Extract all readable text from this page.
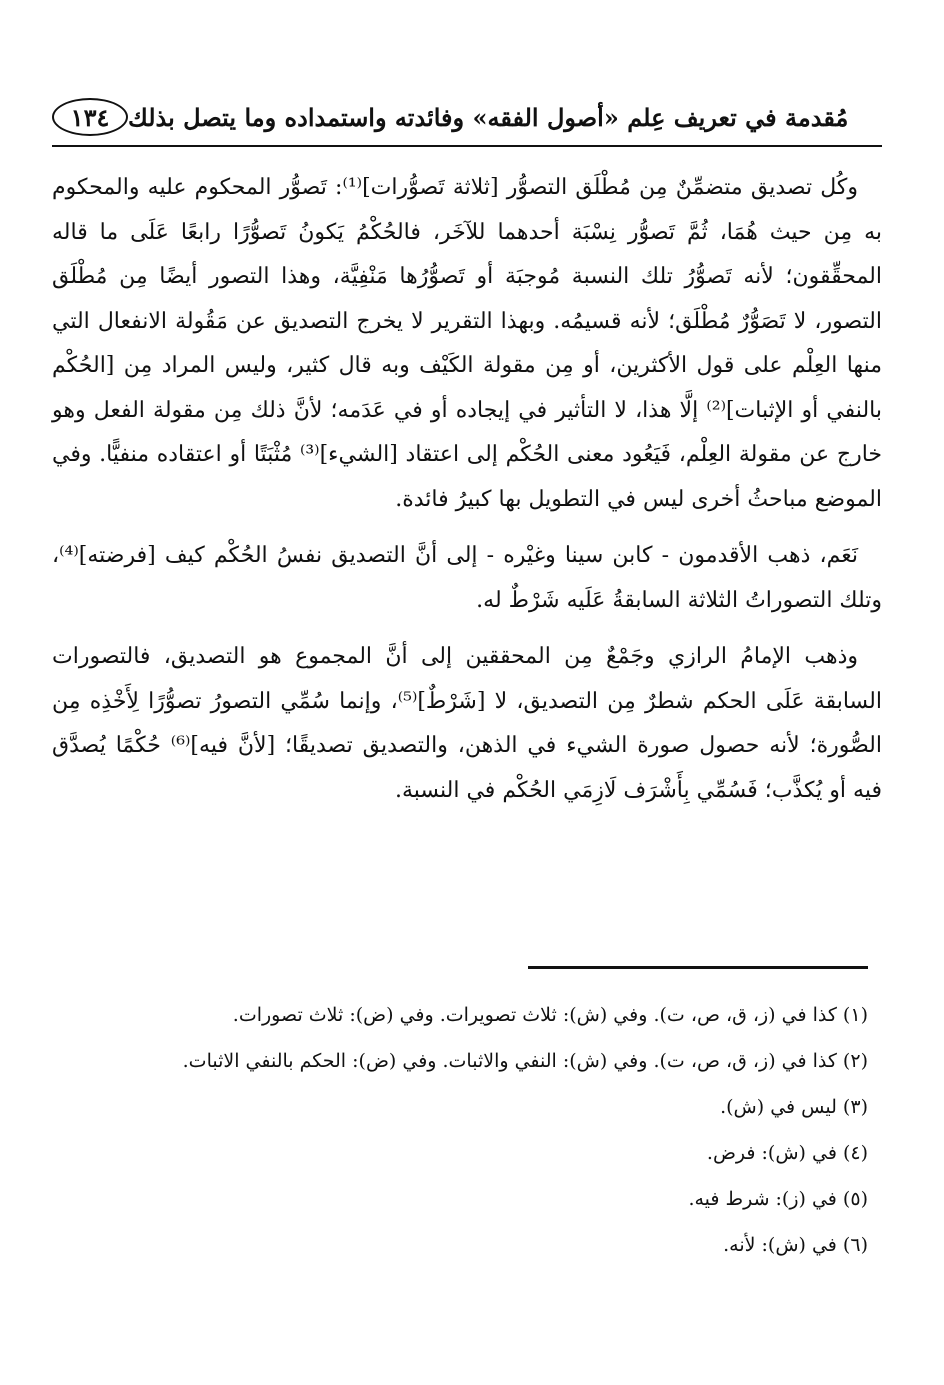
مُقدمة في تعريف عِلم «أصول الفقه» وفائدته واستمداده وما يتصل بذلك
١٣٤

وكُل تصديق متضمِّنٌ مِن مُطْلَق التصوُّر [ثلاثة تَصوُّرات]⁽¹⁾: تَصوُّر المحكوم عليه والمحكوم به مِن حيث هُمَا، ثُمَّ تَصوُّر نِسْبَة أحدهما للآخَر، فالحُكْمُ يَكونُ تَصوُّرًا رابعًا عَلَى ما قاله المحقِّقون؛ لأنه تَصوُّرُ تلك النسبة مُوجبَة أو تَصوُّرُها مَنْفِيَّة، وهذا التصور أيضًا مِن مُطْلَق التصور، لا تَصَوُّرٌ مُطْلَق؛ لأنه قسيمُه. وبهذا التقرير لا يخرج التصديق عن مَقُولة الانفعال التي منها العِلْم على قول الأكثرين، أو مِن مقولة الكَيْف وبه قال كثير، وليس المراد مِن [الحُكْم بالنفي أو الإثبات]⁽²⁾ إلَّا هذا، لا التأثير في إيجاده أو في عَدَمه؛ لأنَّ ذلك مِن مقولة الفعل وهو خارج عن مقولة العِلْم، فَيَعُود معنى الحُكْم إلى اعتقاد [الشيء]⁽³⁾ مُثْبَتًا أو اعتقاده منفيًّا. وفي الموضع مباحثُ أخرى ليس في التطويل بها كبيرُ فائدة.

نَعَم، ذهب الأقدمون - كابن سينا وغيْره - إلى أنَّ التصديق نفسُ الحُكْم كيف [فرضته]⁽⁴⁾، وتلك التصوراتُ الثلاثة السابقةُ عَلَيه شَرْطٌ له.

وذهب الإمامُ الرازي وجَمْعٌ مِن المحققين إلى أنَّ المجموع هو التصديق، فالتصورات السابقة عَلَى الحكم شطرٌ مِن التصديق، لا [شَرْطٌ]⁽⁵⁾، وإنما سُمِّي التصورُ تصوُّرًا لِأَخْذِه مِن الصُّورة؛ لأنه حصول صورة الشيء في الذهن، والتصديق تصديقًا؛ [لأنَّ فيه]⁽⁶⁾ حُكْمًا يُصدَّق فيه أو يُكذَّب؛ فَسُمِّي بِأَشْرَف لَازِمَي الحُكْم في النسبة.

(١) كذا في (ز، ق، ص، ت). وفي (ش): ثلاث تصويرات. وفي (ض): ثلاث تصورات.
(٢) كذا في (ز، ق، ص، ت). وفي (ش): النفي والاثبات. وفي (ض): الحكم بالنفي الاثبات.
(٣) ليس في (ش).
(٤) في (ش): فرض.
(٥) في (ز): شرط فيه.
(٦) في (ش): لأنه.
